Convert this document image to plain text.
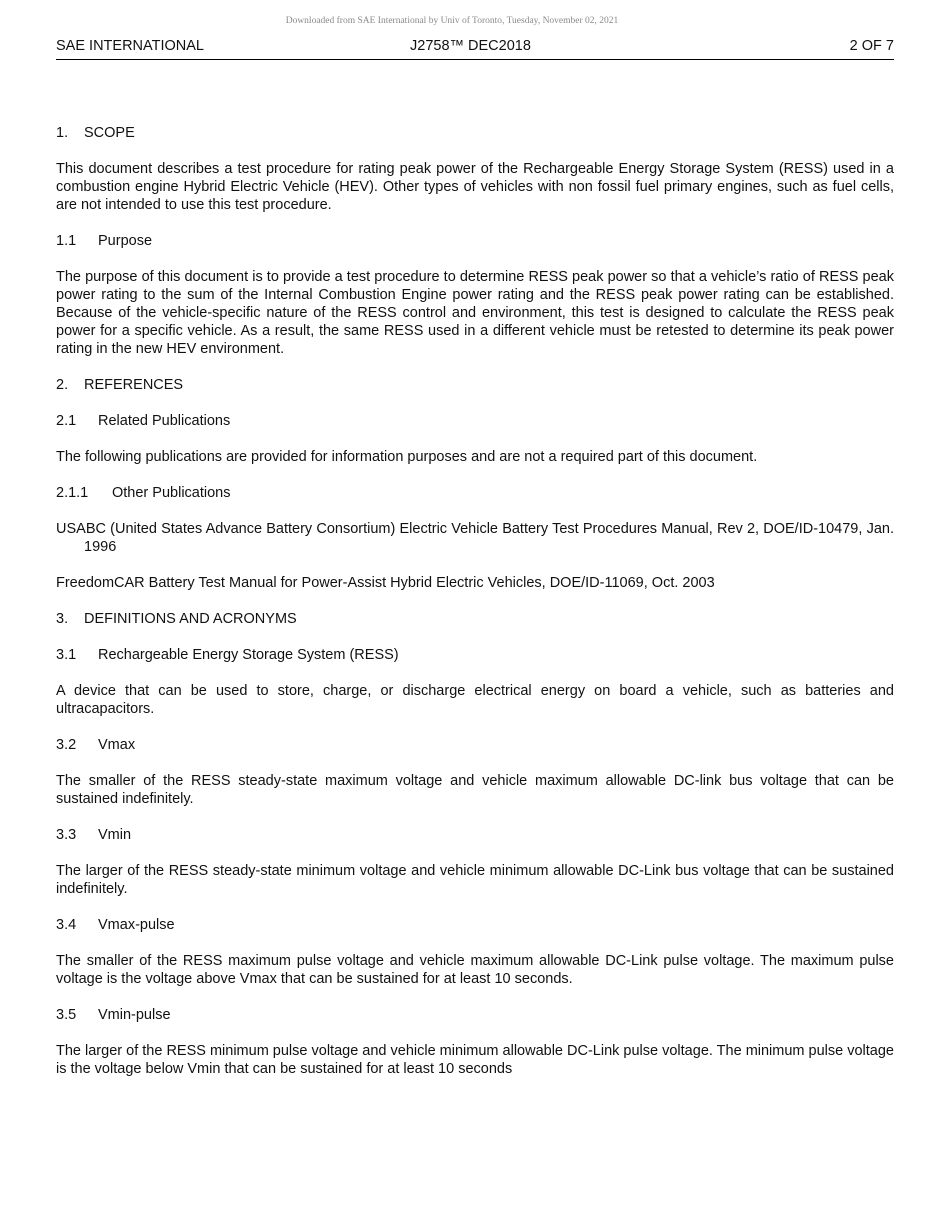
Downloaded from SAE International by Univ of Toronto, Tuesday, November 02, 2021
SAE INTERNATIONAL	J2758™ DEC2018	2 OF 7
1. SCOPE

This document describes a test procedure for rating peak power of the Rechargeable Energy Storage System (RESS) used in a combustion engine Hybrid Electric Vehicle (HEV). Other types of vehicles with non fossil fuel primary engines, such as fuel cells, are not intended to use this test procedure.

1.1 Purpose

The purpose of this document is to provide a test procedure to determine RESS peak power so that a vehicle’s ratio of RESS peak power rating to the sum of the Internal Combustion Engine power rating and the RESS peak power rating can be established. Because of the vehicle-specific nature of the RESS control and environment, this test is designed to calculate the RESS peak power for a specific vehicle. As a result, the same RESS used in a different vehicle must be retested to determine its peak power rating in the new HEV environment.

2. REFERENCES
2.1 Related Publications

The following publications are provided for information purposes and are not a required part of this document.

2.1.1 Other Publications

USABC (United States Advance Battery Consortium) Electric Vehicle Battery Test Procedures Manual, Rev 2, DOE/ID-10479, Jan. 1996

FreedomCAR Battery Test Manual for Power-Assist Hybrid Electric Vehicles, DOE/ID-11069, Oct. 2003

3. DEFINITIONS AND ACRONYMS
3.1 Rechargeable Energy Storage System (RESS)

A device that can be used to store, charge, or discharge electrical energy on board a vehicle, such as batteries and ultracapacitors.

3.2 Vmax

The smaller of the RESS steady-state maximum voltage and vehicle maximum allowable DC-link bus voltage that can be sustained indefinitely.

3.3 Vmin

The larger of the RESS steady-state minimum voltage and vehicle minimum allowable DC-Link bus voltage that can be sustained indefinitely.

3.4 Vmax-pulse

The smaller of the RESS maximum pulse voltage and vehicle maximum allowable DC-Link pulse voltage. The maximum pulse voltage is the voltage above Vmax that can be sustained for at least 10 seconds.

3.5 Vmin-pulse

The larger of the RESS minimum pulse voltage and vehicle minimum allowable DC-Link pulse voltage. The minimum pulse voltage is the voltage below Vmin that can be sustained for at least 10 seconds
